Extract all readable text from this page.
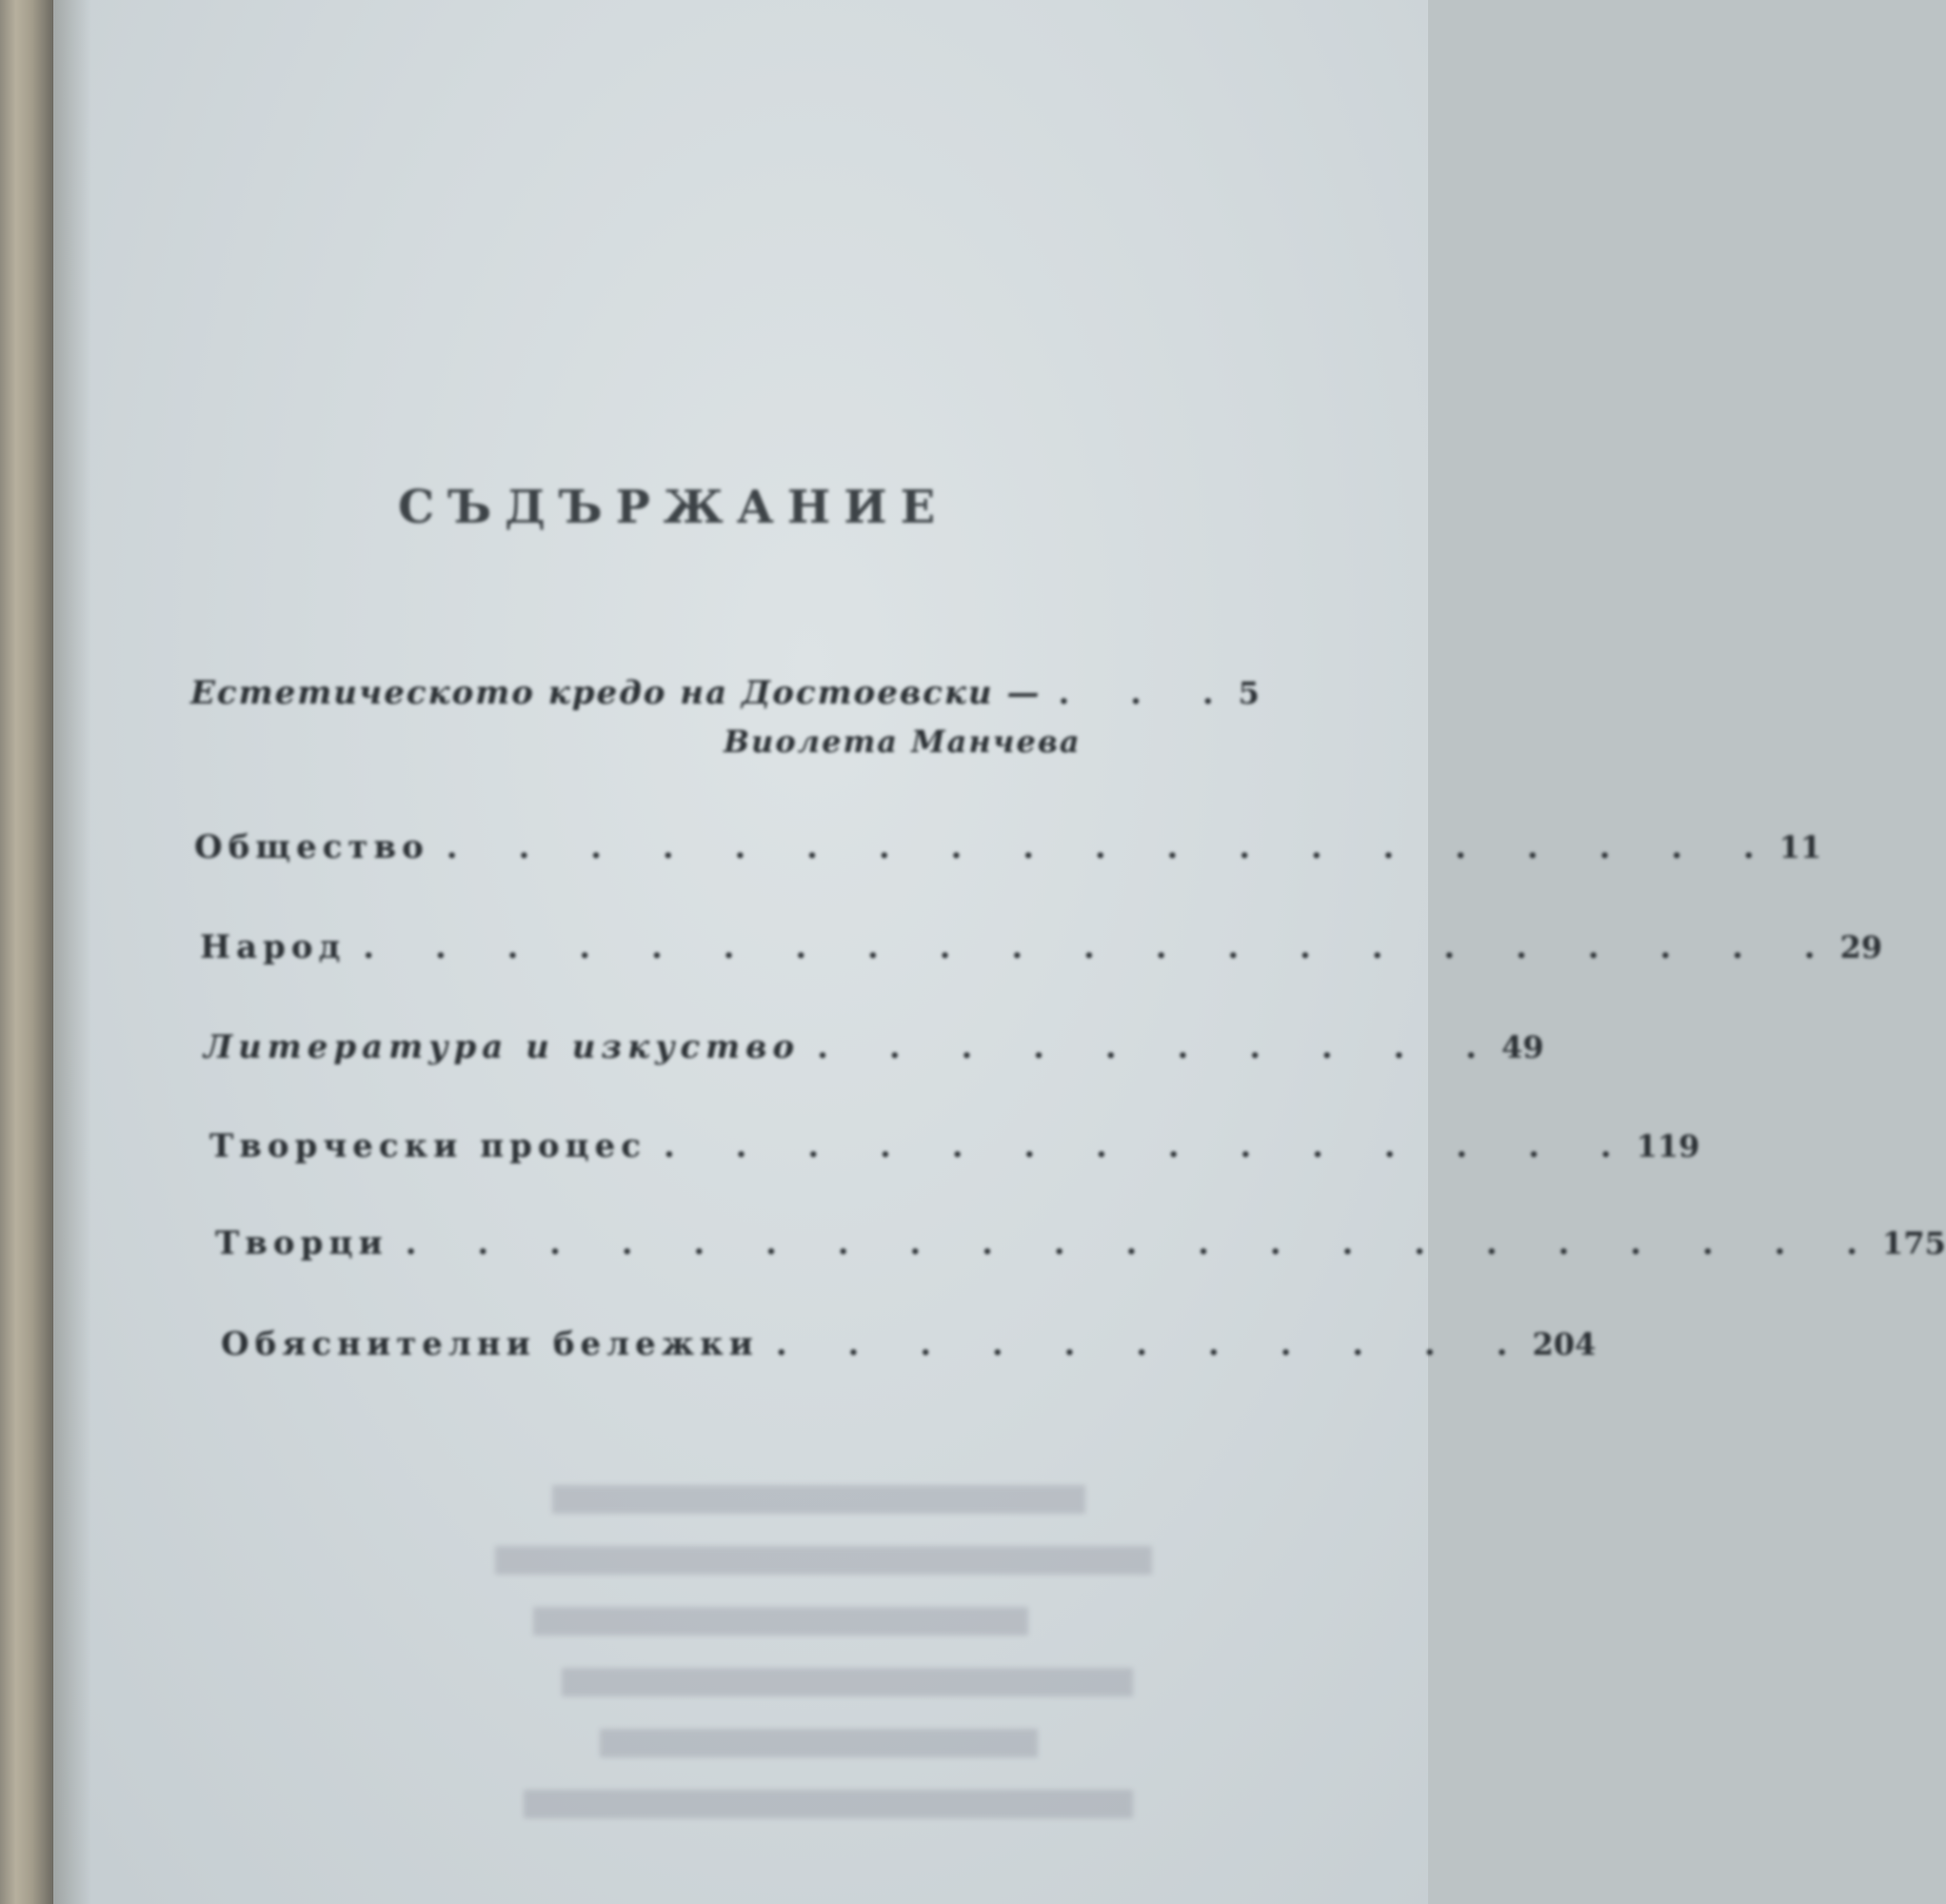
СЪДЪРЖАНИЕ
Естетическото кредо на Достоевски — . . . 5
Виолета Манчева
Общество . . . . . . . . . . . . . . . . . . . 11
Народ . . . . . . . . . . . . . . . . . . . . . 29
Литература и изкуство . . . . . . . . . . 49
Творчески процес . . . . . . . . . . . . . . 119
Творци . . . . . . . . . . . . . . . . . . . . . 175
Обяснителни бележки . . . . . . . . . . . 204
